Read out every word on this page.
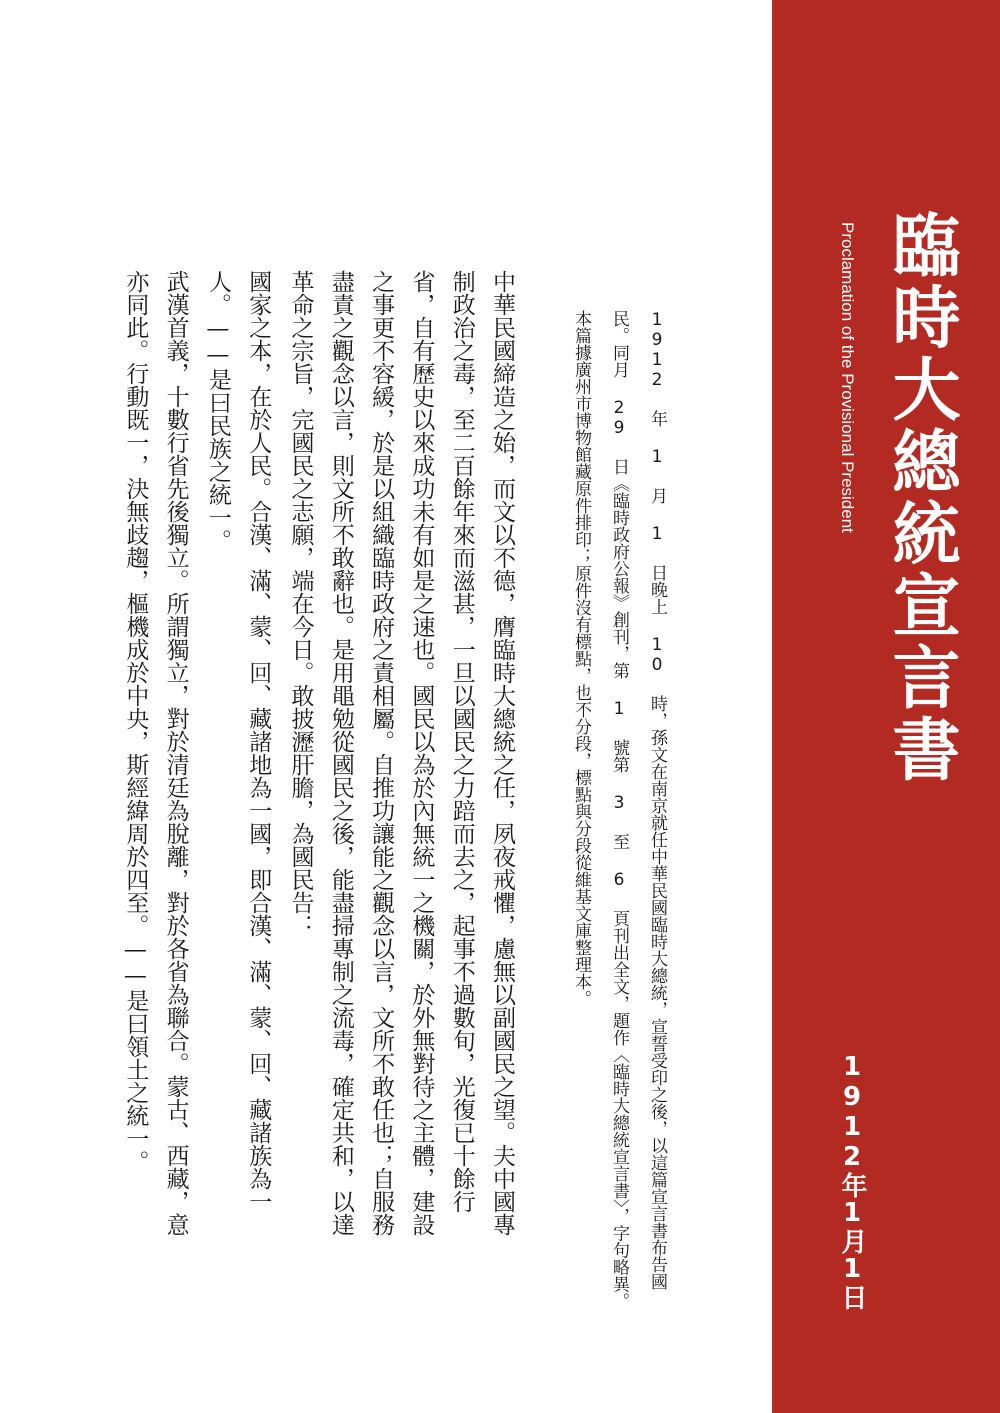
臨時大總統宣言書
Proclamation of the Provisional President
1912年1月1日

1912 年 1 月 1 日晚上 10 時，孫文在南京就任中華民國臨時大總統，宣誓受印之後，以這篇宣言書布告國

民。同月 29 日《臨時政府公報》創刊，第 1 號第 3 至 6 頁刊出全文，題作〈臨時大總統宣言書〉，字句略異。

本篇據廣州市博物館藏原件排印；原件沒有標點，也不分段，標點與分段從維基文庫整理本。

中華民國締造之始，而文以不德，膺臨時大總統之任，夙夜戒懼，慮無以副國民之望。夫中國專制政治之毒，至二百餘年來而滋甚，一旦以國民之力踣而去之，起事不過數旬，光復已十餘行省，自有歷史以來成功未有如是之速也。國民以為於內無統一之機關，於外無對待之主體，建設之事更不容緩，於是以組織臨時政府之責相屬。自推功讓能之觀念以言，文所不敢任也；自服務盡責之觀念以言，則文所不敢辭也。是用黽勉從國民之後，能盡掃專制之流毒，確定共和，以達革命之宗旨，完國民之志願，端在今日。敢披瀝肝膽，為國民告：

國家之本，在於人民。合漢、滿、蒙、回、藏諸地為一國，即合漢、滿、蒙、回、藏諸族為一人。——是曰民族之統一。

武漢首義，十數行省先後獨立。所謂獨立，對於清廷為脫離，對於各省為聯合。蒙古、西藏，意亦同此。行動既一，決無歧趨，樞機成於中央，斯經緯周於四至。——是曰領土之統一。
